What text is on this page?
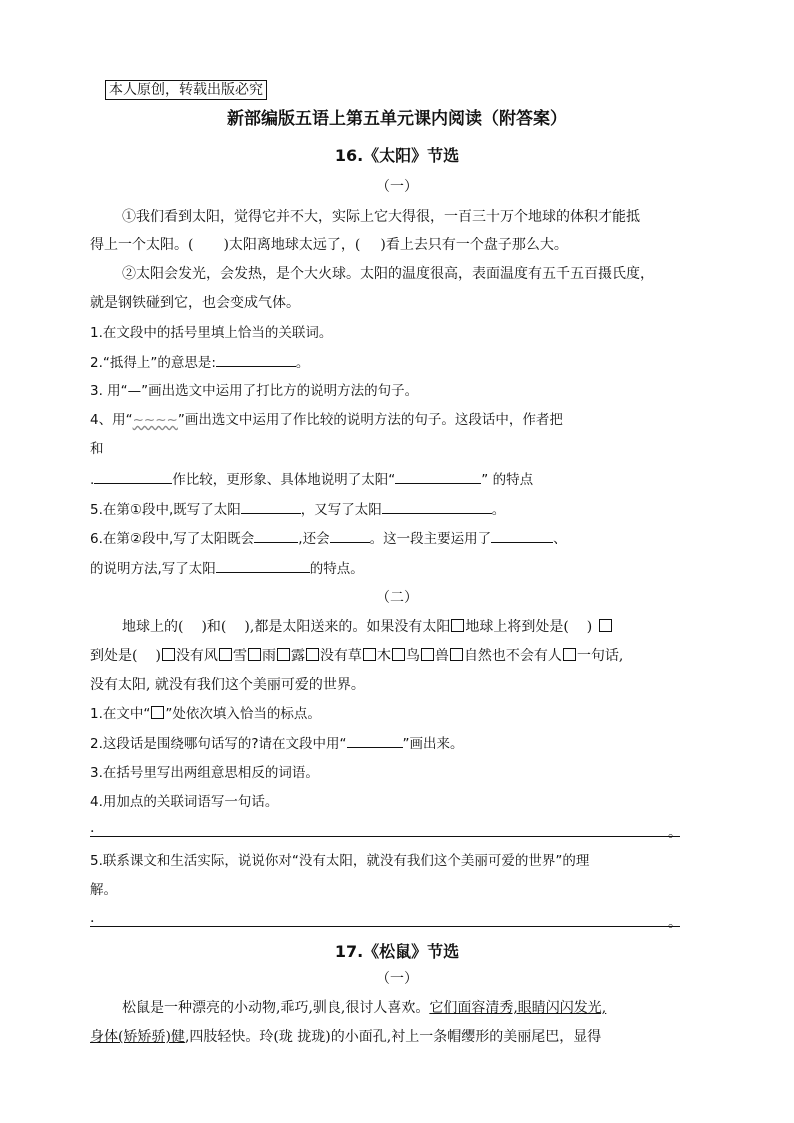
本人原创，转载出版必究
新部编版五语上第五单元课内阅读（附答案）
16.《太阳》节选
（一）
①我们看到太阳，觉得它并不大，实际上它大得很，一百三十万个地球的体积才能抵
得上一个太阳。( )太阳离地球太远了，( )看上去只有一个盘子那么大。
②太阳会发光，会发热，是个大火球。太阳的温度很高，表面温度有五千五百摄氏度，
就是钢铁碰到它，也会变成气体。
1.在文段中的括号里填上恰当的关联词。
2.“抵得上”的意思是:	。
3. 用“—”画出选文中运用了打比方的说明方法的句子。
4、用“~~~~”画出选文中运用了作比较的说明方法的句子。这段话中，作者把
和
.	作比较，更形象、具体地说明了太阳“	” 的特点
5.在第①段中,既写了太阳	，又写了太阳	。
6.在第②段中,写了太阳既会	,还会	。这一段主要运用了	、
的说明方法,写了太阳	的特点。
（二）
地球上的( )和( ),都是太阳送来的。如果没有太阳 地球上将到处是( )
到处是( ) 没有风 雪 雨 露 没有草 木 鸟 兽 自然也不会有人 一句话,
没有太阳, 就没有我们这个美丽可爱的世界。
1.在文中“ ”处依次填入恰当的标点。
2.这段话是围绕哪句话写的?请在文段中用“	”画出来。
3.在括号里写出两组意思相反的词语。
4.用加点的关联词语写一句话。
.	。
5.联系课文和生活实际，说说你对“没有太阳，就没有我们这个美丽可爱的世界”的理
解。
.	。
17.《松鼠》节选
（一）
松鼠是一种漂亮的小动物,乖巧,驯良,很讨人喜欢。它们面容清秀,眼睛闪闪发光,
身体(矫矫骄)健,四肢轻快。玲(珑 拢珑)的小面孔,衬上一条帽缨形的美丽尾巴，显得
